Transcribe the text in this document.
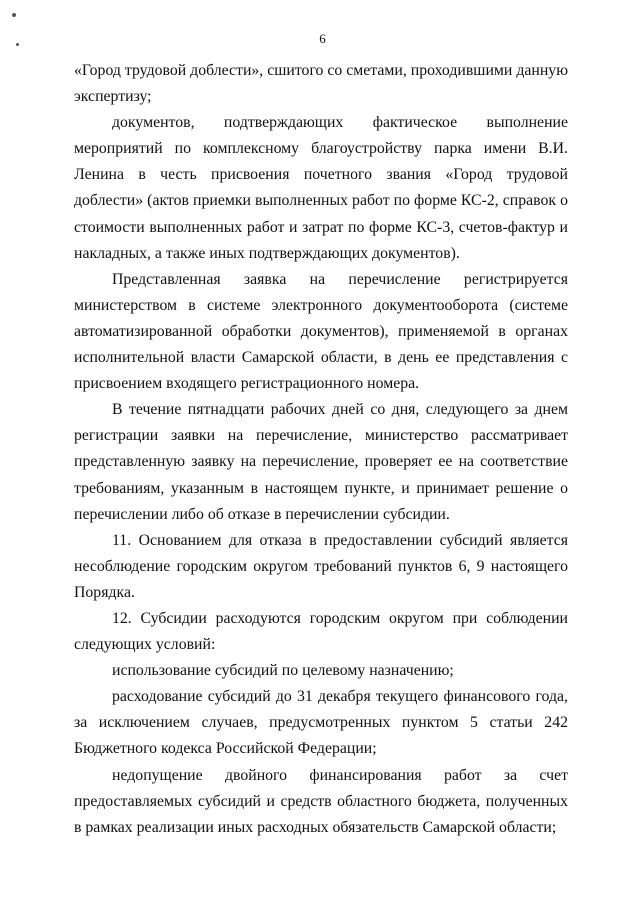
6

«Город трудовой доблести», сшитого со сметами, проходившими данную экспертизу;

документов, подтверждающих фактическое выполнение мероприятий по комплексному благоустройству парка имени В.И. Ленина в честь присвоения почетного звания «Город трудовой доблести» (актов приемки выполненных работ по форме КС-2, справок о стоимости выполненных работ и затрат по форме КС-3, счетов-фактур и накладных, а также иных подтверждающих документов).

Представленная заявка на перечисление регистрируется министерством в системе электронного документооборота (системе автоматизированной обработки документов), применяемой в органах исполнительной власти Самарской области, в день ее представления с присвоением входящего регистрационного номера.

В течение пятнадцати рабочих дней со дня, следующего за днем регистрации заявки на перечисление, министерство рассматривает представленную заявку на перечисление, проверяет ее на соответствие требованиям, указанным в настоящем пункте, и принимает решение о перечислении либо об отказе в перечислении субсидии.

11. Основанием для отказа в предоставлении субсидий является несоблюдение городским округом требований пунктов 6, 9 настоящего Порядка.

12. Субсидии расходуются городским округом при соблюдении следующих условий:

использование субсидий по целевому назначению;

расходование субсидий до 31 декабря текущего финансового года, за исключением случаев, предусмотренных пунктом 5 статьи 242 Бюджетного кодекса Российской Федерации;

недопущение двойного финансирования работ за счет предоставляемых субсидий и средств областного бюджета, полученных в рамках реализации иных расходных обязательств Самарской области;
